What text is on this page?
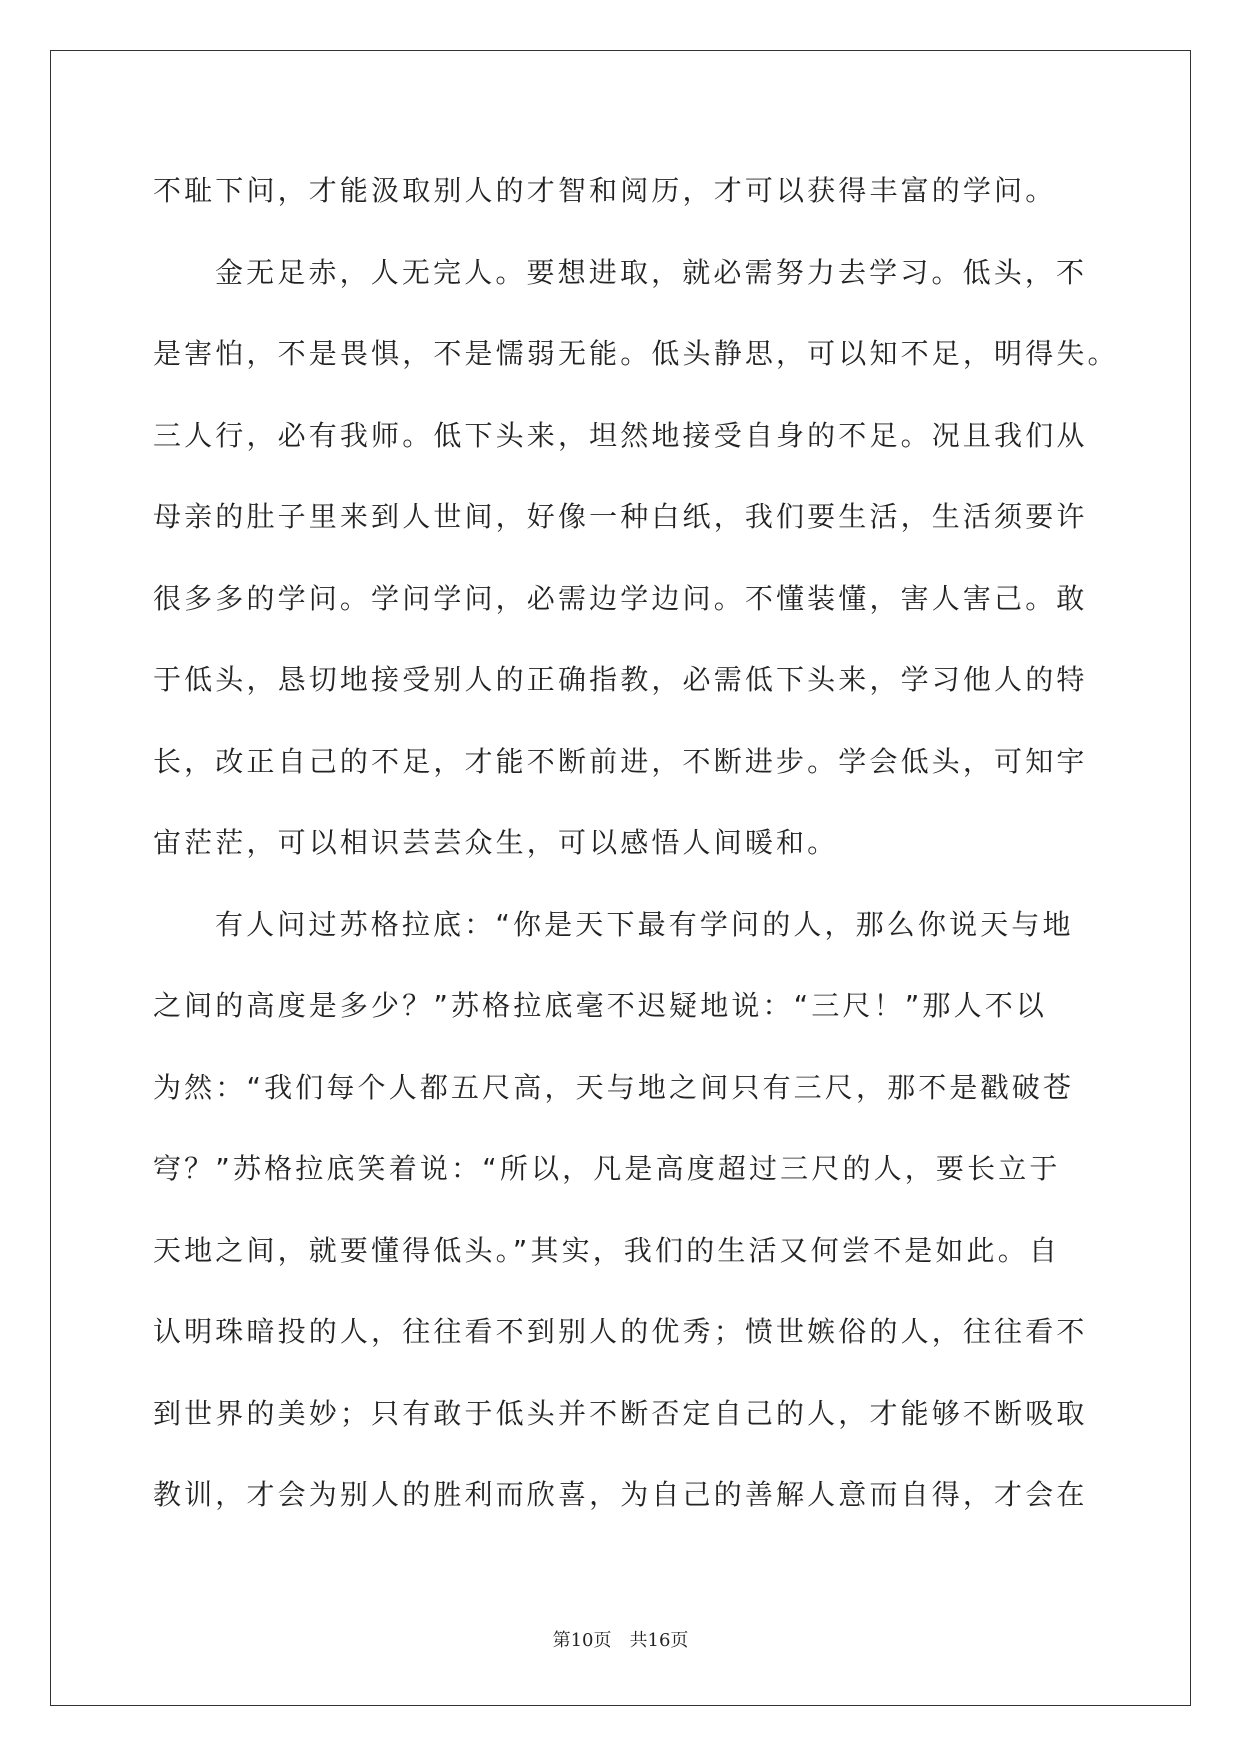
不耻下问，才能汲取别人的才智和阅历，才可以获得丰富的学问。
金无足赤，人无完人。要想进取，就必需努力去学习。低头，不
是害怕，不是畏惧，不是懦弱无能。低头静思，可以知不足，明得失。
三人行，必有我师。低下头来，坦然地接受自身的不足。况且我们从
母亲的肚子里来到人世间，好像一种白纸，我们要生活，生活须要许
很多多的学问。学问学问，必需边学边问。不懂装懂，害人害己。敢
于低头，恳切地接受别人的正确指教，必需低下头来，学习他人的特
长，改正自己的不足，才能不断前进，不断进步。学会低头，可知宇
宙茫茫，可以相识芸芸众生，可以感悟人间暖和。
有人问过苏格拉底：“你是天下最有学问的人，那么你说天与地
之间的高度是多少？”苏格拉底毫不迟疑地说：“三尺！”那人不以
为然：“我们每个人都五尺高，天与地之间只有三尺，那不是戳破苍
穹？”苏格拉底笑着说：“所以，凡是高度超过三尺的人，要长立于
天地之间，就要懂得低头。”其实，我们的生活又何尝不是如此。自
认明珠暗投的人，往往看不到别人的优秀；愤世嫉俗的人，往往看不
到世界的美妙；只有敢于低头并不断否定自己的人，才能够不断吸取
教训，才会为别人的胜利而欣喜，为自己的善解人意而自得，才会在
第10页　共16页
